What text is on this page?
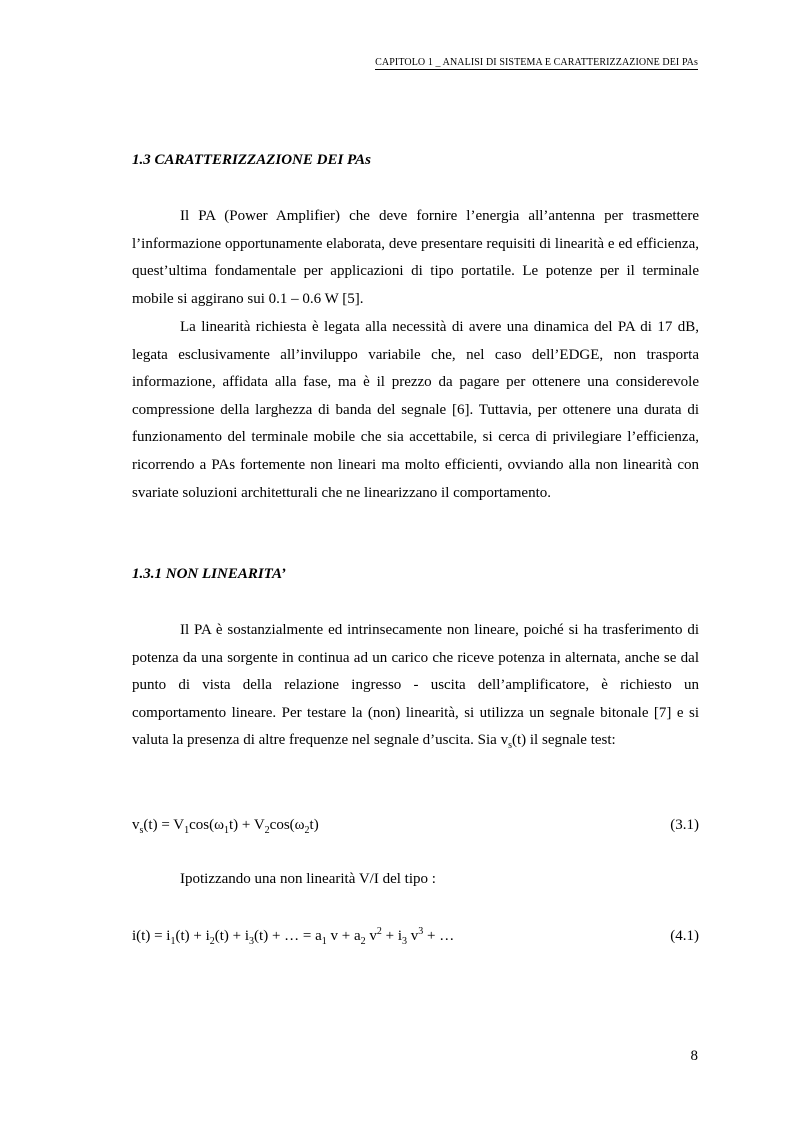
CAPITOLO 1 _ ANALISI DI SISTEMA E CARATTERIZZAZIONE DEI PAs
1.3 CARATTERIZZAZIONE DEI PAs

Il PA (Power Amplifier) che deve fornire l’energia all’antenna per trasmettere l’informazione opportunamente elaborata, deve presentare requisiti di linearità e ed efficienza, quest’ultima fondamentale per applicazioni di tipo portatile. Le potenze per il terminale mobile si aggirano sui 0.1 – 0.6 W [5].

La linearità richiesta è legata alla necessità di avere una dinamica del PA di 17 dB, legata esclusivamente all’inviluppo variabile che, nel caso dell’EDGE, non trasporta informazione, affidata alla fase, ma è il prezzo da pagare per ottenere una considerevole compressione della larghezza di banda del segnale [6]. Tuttavia, per ottenere una durata di funzionamento del terminale mobile che sia accettabile, si cerca di privilegiare l’efficienza, ricorrendo a PAs fortemente non lineari ma molto efficienti, ovviando alla non linearità con svariate soluzioni architetturali che ne linearizzano il comportamento.

1.3.1 NON LINEARITA’

Il PA è sostanzialmente ed intrinsecamente non lineare, poiché si ha trasferimento di potenza da una sorgente in continua ad un carico che riceve potenza in alternata, anche se dal punto di vista della relazione ingresso - uscita dell’amplificatore, è richiesto un comportamento lineare. Per testare la (non) linearità, si utilizza un segnale bitonale [7] e si valuta la presenza di altre frequenze nel segnale d’uscita. Sia $v_s(t)$ il segnale test:

$v_s(t) = V_1\cos(\omega_1t) + V_2\cos(\omega_2t)$	(3.1)
Ipotizzando una non linearità V/I del tipo :
$i(t) = i_1(t) + i_2(t) + i_3(t)$ + … = $a_1$ $v + a_2$ $v^2 + i_3$ $v^3$ + …	(4.1)
8
